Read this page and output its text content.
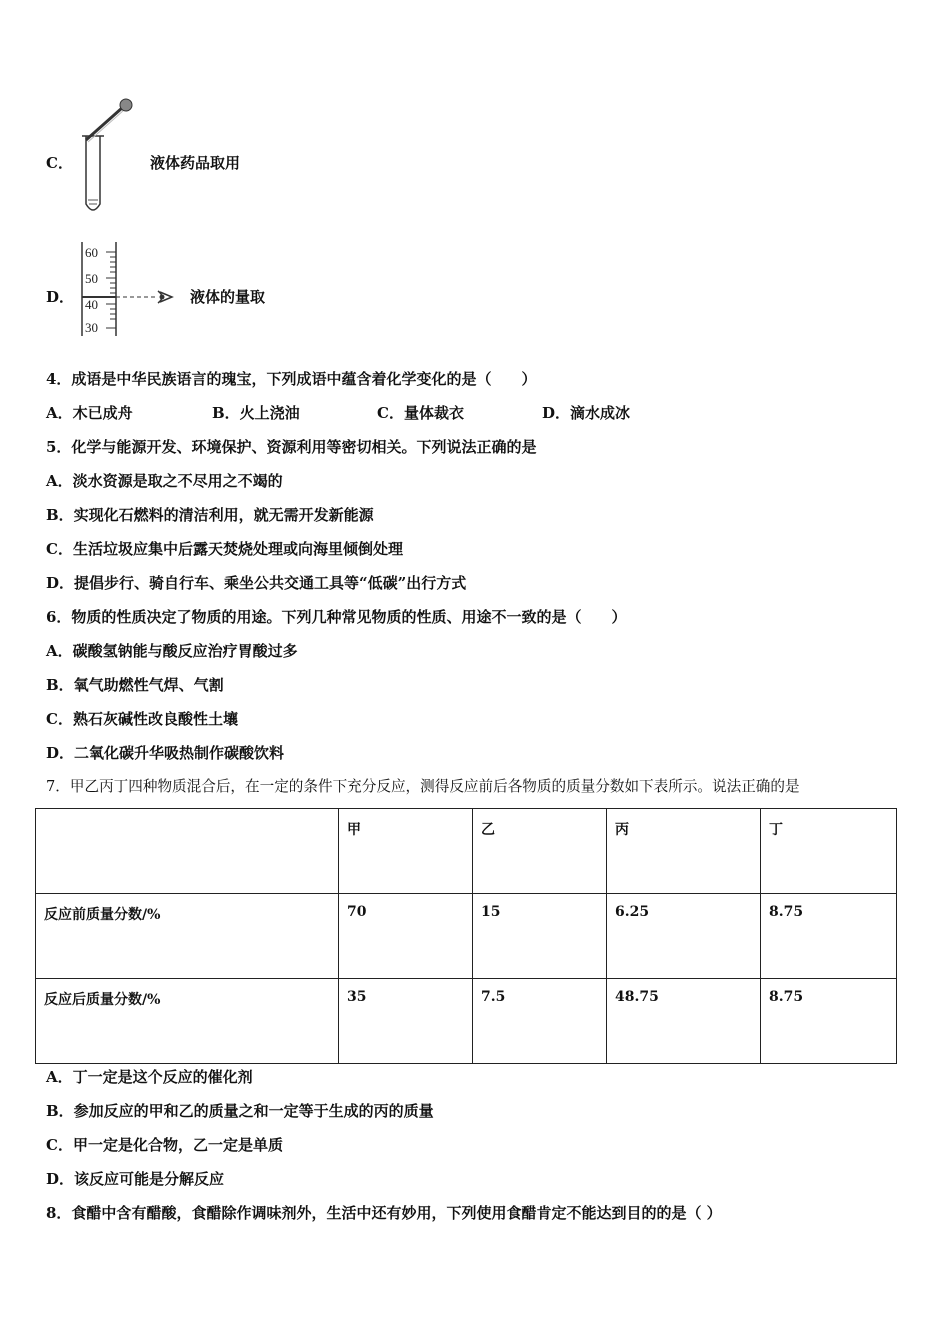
C．	液体药品取用
D．
60
50
40
30
液体的量取
4．成语是中华民族语言的瑰宝，下列成语中蕴含着化学变化的是（　　）
A．木已成舟	B．火上浇油	C．量体裁衣	D．滴水成冰
5．化学与能源开发、环境保护、资源利用等密切相关。下列说法正确的是
A．淡水资源是取之不尽用之不竭的
B．实现化石燃料的清洁利用，就无需开发新能源
C．生活垃圾应集中后露天焚烧处理或向海里倾倒处理
D．提倡步行、骑自行车、乘坐公共交通工具等“低碳”出行方式
6．物质的性质决定了物质的用途。下列几种常见物质的性质、用途不一致的是（　　）
A．碳酸氢钠能与酸反应治疗胃酸过多
B．氧气助燃性气焊、气割
C．熟石灰碱性改良酸性土壤
D．二氧化碳升华吸热制作碳酸饮料
7．甲乙丙丁四种物质混合后，在一定的条件下充分反应，测得反应前后各物质的质量分数如下表所示。说法正确的是
	甲	乙	丙	丁
反应前质量分数/%	70	15	6.25	8.75
反应后质量分数/%	35	7.5	48.75	8.75
A．丁一定是这个反应的催化剂
B．参加反应的甲和乙的质量之和一定等于生成的丙的质量
C．甲一定是化合物，乙一定是单质
D．该反应可能是分解反应
8．食醋中含有醋酸，食醋除作调味剂外，生活中还有妙用，下列使用食醋肯定不能达到目的的是（ ）
